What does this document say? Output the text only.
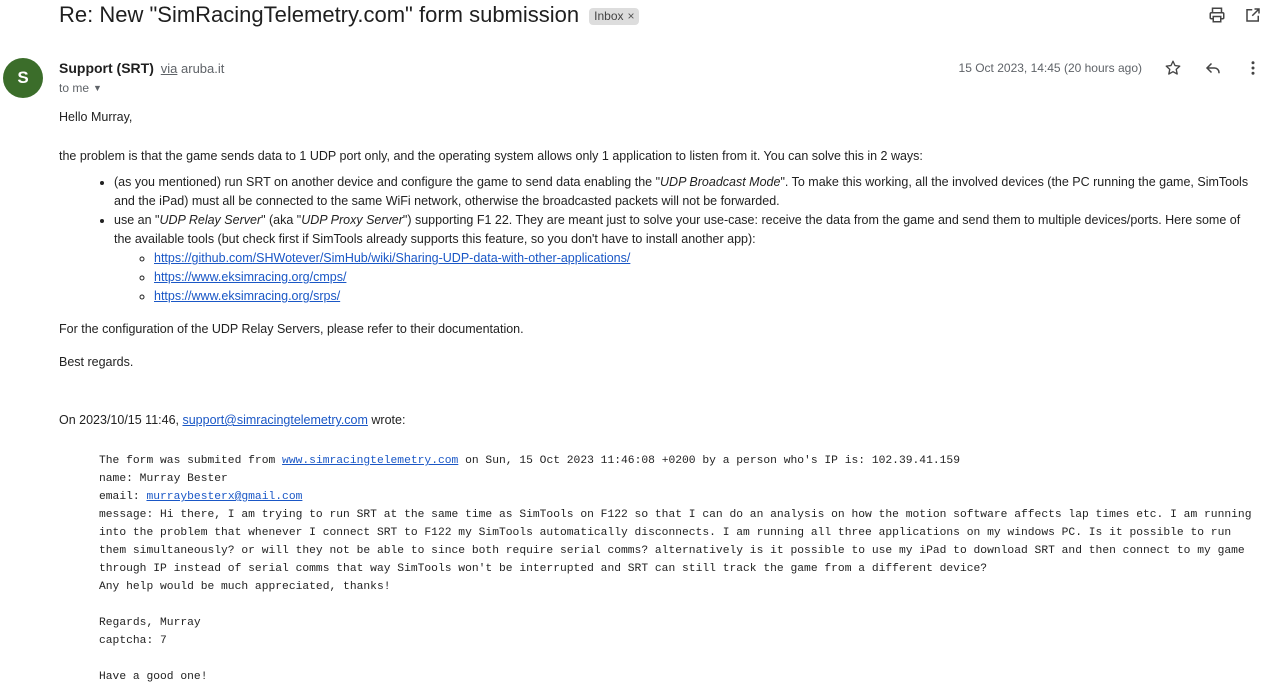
Re: New "SimRacingTelemetry.com" form submission Inbox ×
S	Support (SRT) via aruba.it
to me ▼
15 Oct 2023, 14:45 (20 hours ago)

Hello Murray,

the problem is that the game sends data to 1 UDP port only, and the operating system allows only 1 application to listen from it. You can solve this in 2 ways:

• (as you mentioned) run SRT on another device and configure the game to send data enabling the "UDP Broadcast Mode". To make this working, all the involved devices (the PC running the game, SimTools and the iPad) must all be connected to the same WiFi network, otherwise the broadcasted packets will not be forwarded.
• use an "UDP Relay Server" (aka "UDP Proxy Server") supporting F1 22. They are meant just to solve your use-case: receive the data from the game and send them to multiple devices/ports. Here some of the available tools (but check first if SimTools already supports this feature, so you don't have to install another app):
◦ https://github.com/SHWotever/SimHub/wiki/Sharing-UDP-data-with-other-applications/
◦ https://www.eksimracing.org/cmps/
◦ https://www.eksimracing.org/srps/

For the configuration of the UDP Relay Servers, please refer to their documentation.

Best regards.

On 2023/10/15 11:46, support@simracingtelemetry.com wrote:

The form was submited from www.simracingtelemetry.com on Sun, 15 Oct 2023 11:46:08 +0200 by a person who's IP is: 102.39.41.159
name: Murray Bester
email: murraybesterx@gmail.com
message: Hi there, I am trying to run SRT at the same time as SimTools on F122 so that I can do an analysis on how the motion software affects lap times etc. I am running
into the problem that whenever I connect SRT to F122 my SimTools automatically disconnects. I am running all three applications on my windows PC. Is it possible to run
them simultaneously? or will they not be able to since both require serial comms? alternatively is it possible to use my iPad to download SRT and then connect to my game
through IP instead of serial comms that way SimTools won't be interrupted and SRT can still track the game from a different device?
Any help would be much appreciated, thanks!
Regards, Murray
captcha: 7
Have a good one!
